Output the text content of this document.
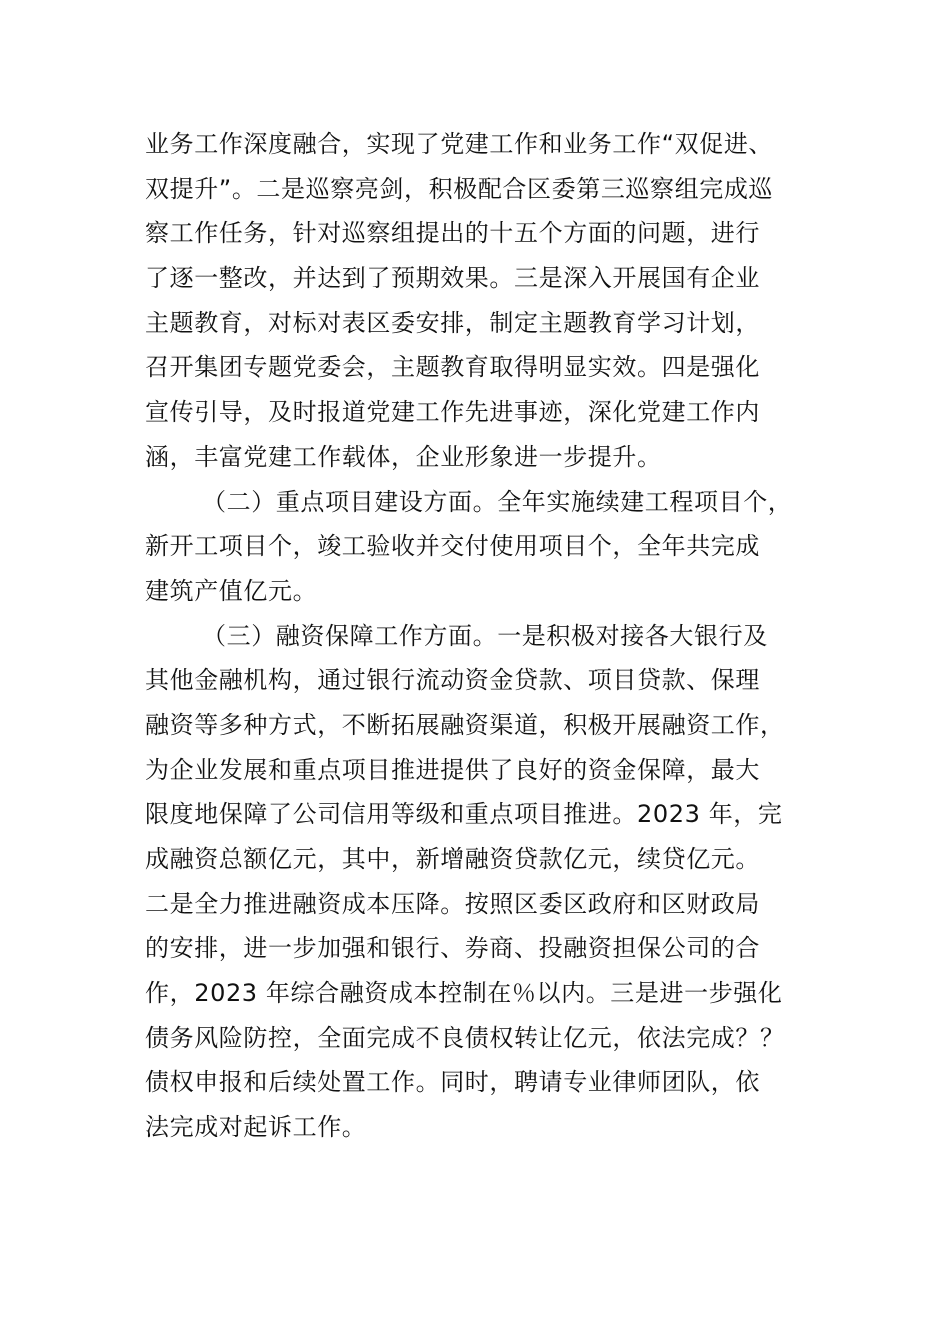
业务工作深度融合，实现了党建工作和业务工作“双促进、
双提升”。二是巡察亮剑，积极配合区委第三巡察组完成巡
察工作任务，针对巡察组提出的十五个方面的问题，进行
了逐一整改，并达到了预期效果。三是深入开展国有企业
主题教育，对标对表区委安排，制定主题教育学习计划，
召开集团专题党委会，主题教育取得明显实效。四是强化
宣传引导，及时报道党建工作先进事迹，深化党建工作内
涵，丰富党建工作载体，企业形象进一步提升。
（二）重点项目建设方面。全年实施续建工程项目个，
新开工项目个，竣工验收并交付使用项目个，全年共完成
建筑产值亿元。
（三）融资保障工作方面。一是积极对接各大银行及
其他金融机构，通过银行流动资金贷款、项目贷款、保理
融资等多种方式，不断拓展融资渠道，积极开展融资工作，
为企业发展和重点项目推进提供了良好的资金保障，最大
限度地保障了公司信用等级和重点项目推进。2023 年，完
成融资总额亿元，其中，新增融资贷款亿元，续贷亿元。
二是全力推进融资成本压降。按照区委区政府和区财政局
的安排，进一步加强和银行、券商、投融资担保公司的合
作，2023 年综合融资成本控制在％以内。三是进一步强化
债务风险防控，全面完成不良债权转让亿元，依法完成？？
债权申报和后续处置工作。同时，聘请专业律师团队，依
法完成对起诉工作。
